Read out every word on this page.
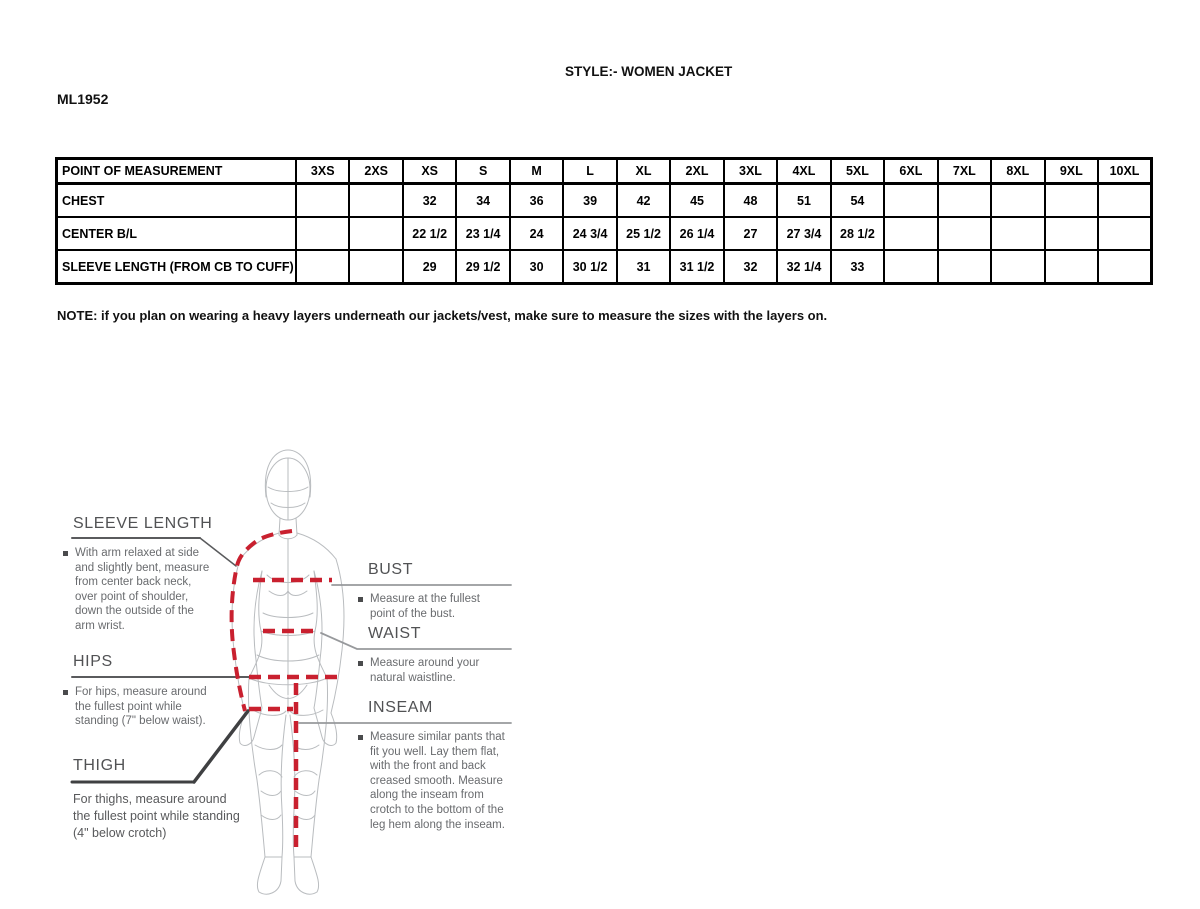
STYLE:- WOMEN JACKET
ML1952
POINT OF MEASUREMENT	3XS	2XS	XS	S	M	L	XL	2XL	3XL	4XL	5XL	6XL	7XL	8XL	9XL	10XL
CHEST			32	34	36	39	42	45	48	51	54					
CENTER B/L			22 1/2	23 1/4	24	24 3/4	25 1/2	26 1/4	27	27 3/4	28 1/2					
SLEEVE LENGTH (FROM CB TO CUFF)			29	29 1/2	30	30 1/2	31	31 1/2	32	32 1/4	33					
NOTE: if you plan on wearing a heavy layers underneath our jackets/vest, make sure to measure the sizes with the layers on.
SLEEVE LENGTH

With arm relaxed at side and slightly bent, measure from center back neck, over point of shoulder, down the outside of the arm wrist.

HIPS

For hips, measure around the fullest point while standing (7" below waist).

THIGH

For thighs, measure around the fullest point while standing (4" below crotch)

BUST

Measure at the fullest point of the bust.

WAIST

Measure around your natural waistline.

INSEAM

Measure similar pants that fit you well. Lay them flat, with the front and back creased smooth. Measure along the inseam from crotch to the bottom of the leg hem along the inseam.
